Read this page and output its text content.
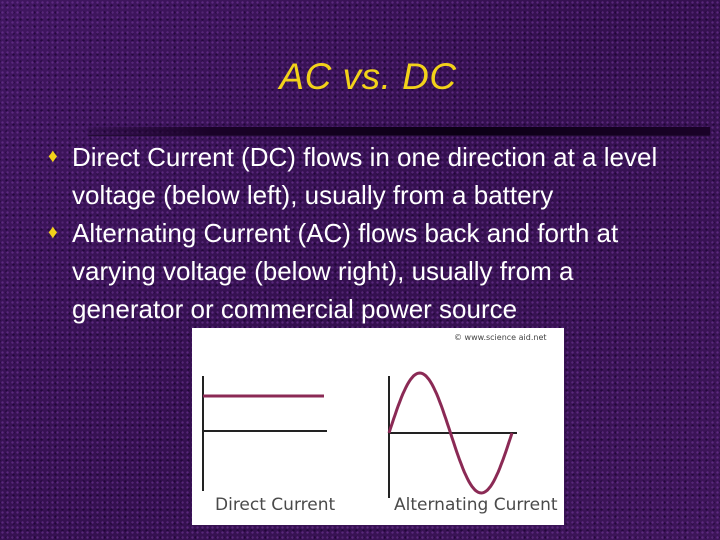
AC vs. DC
♦ Direct Current (DC) flows in one direction at a level voltage (below left), usually from a battery
♦ Alternating Current (AC) flows back and forth at varying voltage (below right), usually from a generator or commercial power source
© www.science aid.net
Direct Current	Alternating Current
